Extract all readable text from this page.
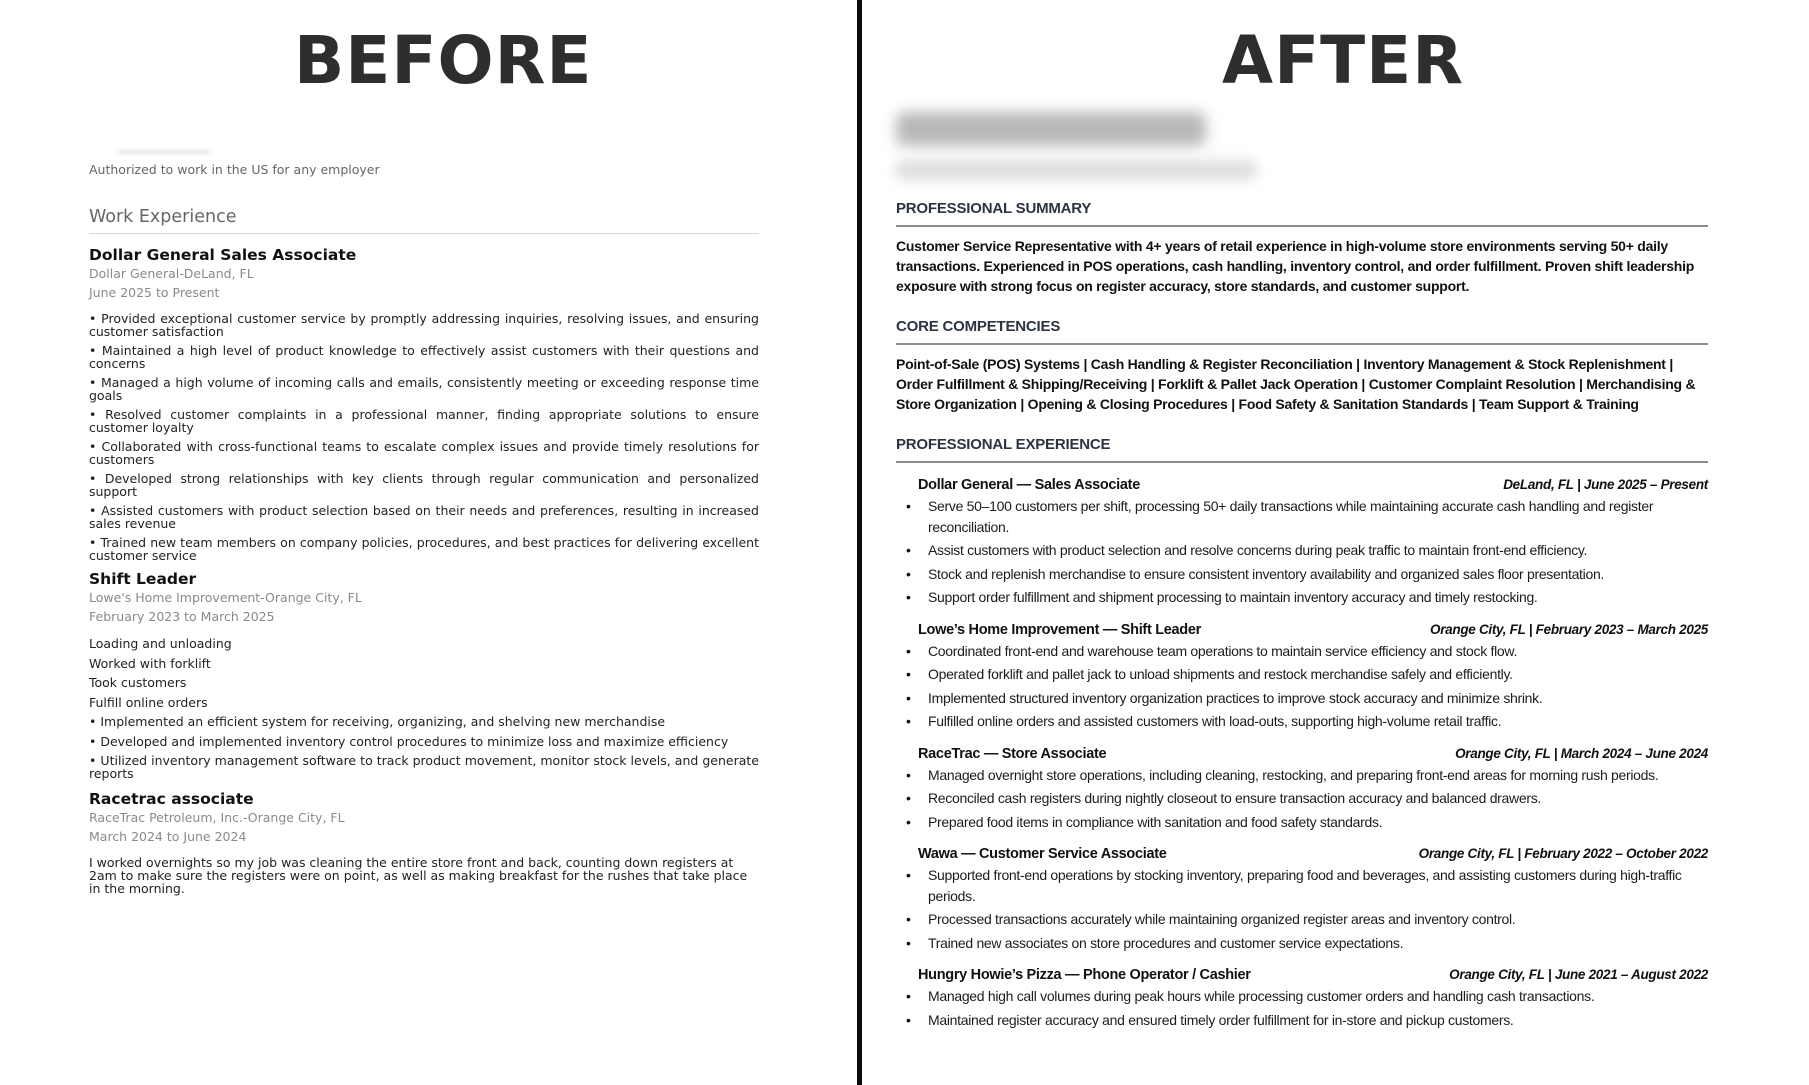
BEFORE	AFTER
Authorized to work in the US for any employer
Work Experience
Dollar General Sales Associate
Dollar General-DeLand, FL
June 2025 to Present
• Provided exceptional customer service by promptly addressing inquiries, resolving issues, and ensuring customer satisfaction
• Maintained a high level of product knowledge to effectively assist customers with their questions and concerns
• Managed a high volume of incoming calls and emails, consistently meeting or exceeding response time goals
• Resolved customer complaints in a professional manner, finding appropriate solutions to ensure customer loyalty
• Collaborated with cross-functional teams to escalate complex issues and provide timely resolutions for customers
• Developed strong relationships with key clients through regular communication and personalized support
• Assisted customers with product selection based on their needs and preferences, resulting in increased sales revenue
• Trained new team members on company policies, procedures, and best practices for delivering excellent customer service
Shift Leader
Lowe's Home Improvement-Orange City, FL
February 2023 to March 2025
Loading and unloading
Worked with forklift
Took customers
Fulfill online orders
• Implemented an efficient system for receiving, organizing, and shelving new merchandise
• Developed and implemented inventory control procedures to minimize loss and maximize efficiency
• Utilized inventory management software to track product movement, monitor stock levels, and generate reports
Racetrac associate
RaceTrac Petroleum, Inc.-Orange City, FL
March 2024 to June 2024
I worked overnights so my job was cleaning the entire store front and back, counting down registers at 2am to make sure the registers were on point, as well as making breakfast for the rushes that take place in the morning.
PROFESSIONAL SUMMARY
Customer Service Representative with 4+ years of retail experience in high-volume store environments serving 50+ daily transactions. Experienced in POS operations, cash handling, inventory control, and order fulfillment. Proven shift leadership exposure with strong focus on register accuracy, store standards, and customer support.
CORE COMPETENCIES
Point-of-Sale (POS) Systems | Cash Handling & Register Reconciliation | Inventory Management & Stock Replenishment | Order Fulfillment & Shipping/Receiving | Forklift & Pallet Jack Operation | Customer Complaint Resolution | Merchandising & Store Organization | Opening & Closing Procedures | Food Safety & Sanitation Standards | Team Support & Training
PROFESSIONAL EXPERIENCE
Dollar General — Sales Associate	DeLand, FL | June 2025 – Present
• Serve 50–100 customers per shift, processing 50+ daily transactions while maintaining accurate cash handling and register reconciliation.
• Assist customers with product selection and resolve concerns during peak traffic to maintain front-end efficiency.
• Stock and replenish merchandise to ensure consistent inventory availability and organized sales floor presentation.
• Support order fulfillment and shipment processing to maintain inventory accuracy and timely restocking.
Lowe’s Home Improvement — Shift Leader	Orange City, FL | February 2023 – March 2025
• Coordinated front-end and warehouse team operations to maintain service efficiency and stock flow.
• Operated forklift and pallet jack to unload shipments and restock merchandise safely and efficiently.
• Implemented structured inventory organization practices to improve stock accuracy and minimize shrink.
• Fulfilled online orders and assisted customers with load-outs, supporting high-volume retail traffic.
RaceTrac — Store Associate	Orange City, FL | March 2024 – June 2024
• Managed overnight store operations, including cleaning, restocking, and preparing front-end areas for morning rush periods.
• Reconciled cash registers during nightly closeout to ensure transaction accuracy and balanced drawers.
• Prepared food items in compliance with sanitation and food safety standards.
Wawa — Customer Service Associate	Orange City, FL | February 2022 – October 2022
• Supported front-end operations by stocking inventory, preparing food and beverages, and assisting customers during high-traffic periods.
• Processed transactions accurately while maintaining organized register areas and inventory control.
• Trained new associates on store procedures and customer service expectations.
Hungry Howie’s Pizza — Phone Operator / Cashier	Orange City, FL | June 2021 – August 2022
• Managed high call volumes during peak hours while processing customer orders and handling cash transactions.
• Maintained register accuracy and ensured timely order fulfillment for in-store and pickup customers.
